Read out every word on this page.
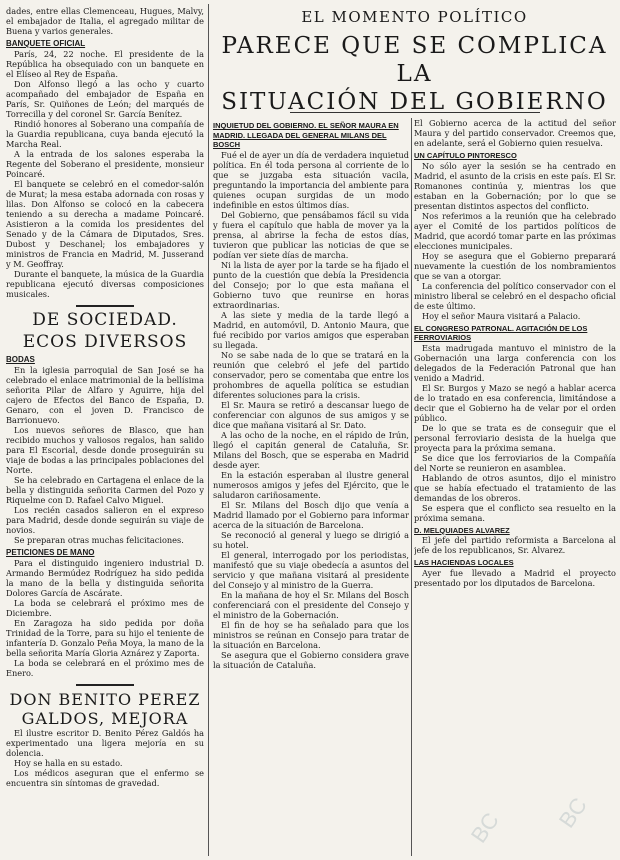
dades, entre ellas Clemenceau, Hugues, Malvy, el embajador de Italia, el agregado militar de Buena y varios generales.

BANQUETE OFICIAL

París, 24, 22 noche. El presidente de la República ha obsequiado con un banquete en el Elíseo al Rey de España.

Don Alfonso llegó a las ocho y cuarto acompañado del embajador de España en París, Sr. Quiñones de León; del marqués de Torrecilla y del coronel Sr. García Benítez.

Rindió honores al Soberano una compañía de la Guardia republicana, cuya banda ejecutó la Marcha Real.

A la entrada de los salones esperaba la Regente del Soberano el presidente, monsieur Poincaré.

El banquete se celebró en el comedor-salón de Murat; la mesa estaba adornada con rosas y lilas. Don Alfonso se colocó en la cabecera teniendo a su derecha a madame Poincaré. Asistieron a la comida los presidentes del Senado y de la Cámara de Diputados, Sres. Dubost y Deschanel; los embajadores y ministros de Francia en Madrid, M. Jusserand y M. Geoffray.

Durante el banquete, la música de la Guardia republicana ejecutó diversas composiciones musicales.

DE SOCIEDAD.
ECOS DIVERSOS
BODAS

En la iglesia parroquial de San José se ha celebrado el enlace matrimonial de la bellísima señorita Pilar de Alfaro y Aguirre, hija del cajero de Efectos del Banco de España, D. Genaro, con el joven D. Francisco de Barrionuevo.

Los nuevos señores de Blasco, que han recibido muchos y valiosos regalos, han salido para El Escorial, desde donde proseguirán su viaje de bodas a las principales poblaciones del Norte.

Se ha celebrado en Cartagena el enlace de la bella y distinguida señorita Carmen del Pozo y Riquelme con D. Rafael Calvo Miguel.

Los recién casados salieron en el expreso para Madrid, desde donde seguirán su viaje de novios.

Se preparan otras muchas felicitaciones.

PETICIONES DE MANO

Para el distinguido ingeniero industrial D. Armando Bermúdez Rodríguez ha sido pedida la mano de la bella y distinguida señorita Dolores García de Ascárate.

La boda se celebrará el próximo mes de Diciembre.

En Zaragoza ha sido pedida por doña Trinidad de la Torre, para su hijo el teniente de infantería D. Gonzalo Peña Moya, la mano de la bella señorita María Gloria Aznárez y Zaporta.

La boda se celebrará en el próximo mes de Enero.

DON BENITO PEREZ GALDOS, MEJORA

El ilustre escritor D. Benito Pérez Galdós ha experimentado una ligera mejoría en su dolencia.

Hoy se halla en su estado.

Los médicos aseguran que el enfermo se encuentra sin síntomas de gravedad.

EL MOMENTO POLÍTICO
PARECE QUE SE COMPLICA LA
SITUACIÓN DEL GOBIERNO
INQUIETUD DEL GOBIERNO. EL SEÑOR MAURA EN MADRID. LLEGADA DEL GENERAL MILANS DEL BOSCH

Fué el de ayer un día de verdadera inquietud política. En él toda persona al corriente de lo que se juzgaba esta situación vacila, preguntando la importancia del ambiente para quienes ocupan surgidas de un modo indefinible en estos últimos días.

Del Gobierno, que pensábamos fácil su vida y fuera el capítulo que habla de mover ya la prensa, al abrirse la fecha de estos días, tuvieron que publicar las noticias de que se podían ver siete días de marcha.

Ni la lista de ayer por la tarde se ha fijado el punto de la cuestión que debía la Presidencia del Consejo; por lo que esta mañana el Gobierno tuvo que reunirse en horas extraordinarias.

A las siete y media de la tarde llegó a Madrid, en automóvil, D. Antonio Maura, que fué recibido por varios amigos que esperaban su llegada.

No se sabe nada de lo que se tratará en la reunión que celebró el jefe del partido conservador, pero se comentaba que entre los prohombres de aquella política se estudian diferentes soluciones para la crisis.

El Sr. Maura se retiró a descansar luego de conferenciar con algunos de sus amigos y se dice que mañana visitará al Sr. Dato.

A las ocho de la noche, en el rápido de Irún, llegó el capitán general de Cataluña, Sr. Milans del Bosch, que se esperaba en Madrid desde ayer.

En la estación esperaban al ilustre general numerosos amigos y jefes del Ejército, que le saludaron cariñosamente.

El Sr. Milans del Bosch dijo que venía a Madrid llamado por el Gobierno para informar acerca de la situación de Barcelona.

Se reconoció al general y luego se dirigió a su hotel.

El general, interrogado por los periodistas, manifestó que su viaje obedecía a asuntos del servicio y que mañana visitará al presidente del Consejo y al ministro de la Guerra.

En la mañana de hoy el Sr. Milans del Bosch conferenciará con el presidente del Consejo y el ministro de la Gobernación.

El fin de hoy se ha señalado para que los ministros se reúnan en Consejo para tratar de la situación en Barcelona.

Se asegura que el Gobierno considera grave la situación de Cataluña.

El Gobierno acerca de la actitud del señor Maura y del partido conservador. Creemos que, en adelante, será el Gobierno quien resuelva.

UN CAPÍTULO PINTORESCO

No sólo ayer la sesión se ha centrado en Madrid, el asunto de la crisis en este país. El Sr. Romanones continúa y, mientras los que estaban en la Gobernación; por lo que se presentan distintos aspectos del conflicto.

Nos referimos a la reunión que ha celebrado ayer el Comité de los partidos políticos de Madrid, que acordó tomar parte en las próximas elecciones municipales.

Hoy se asegura que el Gobierno preparará nuevamente la cuestión de los nombramientos que se van a otorgar.

La conferencia del político conservador con el ministro liberal se celebró en el despacho oficial de este último.

Hoy el señor Maura visitará a Palacio.

EL CONGRESO PATRONAL. AGITACIÓN DE LOS FERROVIARIOS

Esta madrugada mantuvo el ministro de la Gobernación una larga conferencia con los delegados de la Federación Patronal que han venido a Madrid.

El Sr. Burgos y Mazo se negó a hablar acerca de lo tratado en esa conferencia, limitándose a decir que el Gobierno ha de velar por el orden público.

De lo que se trata es de conseguir que el personal ferroviario desista de la huelga que proyecta para la próxima semana.

Se dice que los ferroviarios de la Compañía del Norte se reunieron en asamblea.

Hablando de otros asuntos, dijo el ministro que se había efectuado el tratamiento de las demandas de los obreros.

Se espera que el conflicto sea resuelto en la próxima semana.

D. MELQUIADES ALVAREZ

El jefe del partido reformista a Barcelona al jefe de los republicanos, Sr. Alvarez.

LAS HACIENDAS LOCALES

Ayer fue llevado a Madrid el proyecto presentado por los diputados de Barcelona.

BC
BC
